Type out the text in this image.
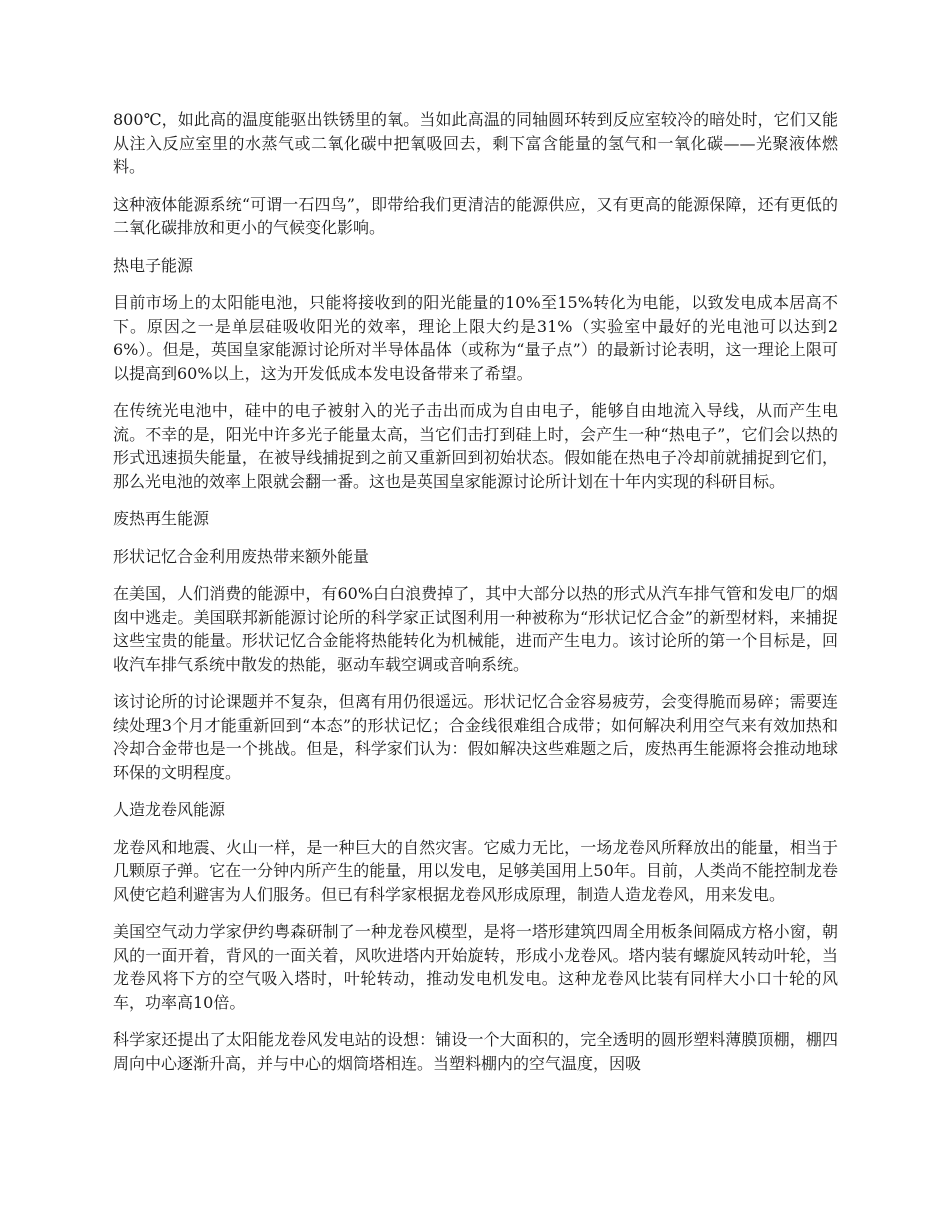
800℃，如此高的温度能驱出铁锈里的氧。当如此高温的同轴圆环转到反应室较冷的暗处时，它们又能从注入反应室里的水蒸气或二氧化碳中把氧吸回去，剩下富含能量的氢气和一氧化碳——光聚液体燃料。

这种液体能源系统“可谓一石四鸟”，即带给我们更清洁的能源供应，又有更高的能源保障，还有更低的二氧化碳排放和更小的气候变化影响。

热电子能源

目前市场上的太阳能电池，只能将接收到的阳光能量的10%至15%转化为电能，以致发电成本居高不下。原因之一是单层硅吸收阳光的效率，理论上限大约是31%（实验室中最好的光电池可以达到26%）。但是，英国皇家能源讨论所对半导体晶体（或称为“量子点”）的最新讨论表明，这一理论上限可以提高到60%以上，这为开发低成本发电设备带来了希望。

在传统光电池中，硅中的电子被射入的光子击出而成为自由电子，能够自由地流入导线，从而产生电流。不幸的是，阳光中许多光子能量太高，当它们击打到硅上时，会产生一种“热电子”，它们会以热的形式迅速损失能量，在被导线捕捉到之前又重新回到初始状态。假如能在热电子冷却前就捕捉到它们，那么光电池的效率上限就会翻一番。这也是英国皇家能源讨论所计划在十年内实现的科研目标。

废热再生能源

形状记忆合金利用废热带来额外能量

在美国，人们消费的能源中，有60%白白浪费掉了，其中大部分以热的形式从汽车排气管和发电厂的烟囱中逃走。美国联邦新能源讨论所的科学家正试图利用一种被称为“形状记忆合金”的新型材料，来捕捉这些宝贵的能量。形状记忆合金能将热能转化为机械能，进而产生电力。该讨论所的第一个目标是，回收汽车排气系统中散发的热能，驱动车载空调或音响系统。

该讨论所的讨论课题并不复杂，但离有用仍很遥远。形状记忆合金容易疲劳，会变得脆而易碎；需要连续处理3个月才能重新回到“本态”的形状记忆；合金线很难组合成带；如何解决利用空气来有效加热和冷却合金带也是一个挑战。但是，科学家们认为：假如解决这些难题之后，废热再生能源将会推动地球环保的文明程度。

人造龙卷风能源

龙卷风和地震、火山一样，是一种巨大的自然灾害。它威力无比，一场龙卷风所释放出的能量，相当于几颗原子弹。它在一分钟内所产生的能量，用以发电，足够美国用上50年。目前，人类尚不能控制龙卷风使它趋利避害为人们服务。但已有科学家根据龙卷风形成原理，制造人造龙卷风，用来发电。

美国空气动力学家伊约粤森研制了一种龙卷风模型，是将一塔形建筑四周全用板条间隔成方格小窗，朝风的一面开着，背风的一面关着，风吹进塔内开始旋转，形成小龙卷风。塔内装有螺旋风转动叶轮，当龙卷风将下方的空气吸入塔时，叶轮转动，推动发电机发电。这种龙卷风比装有同样大小口十轮的风车，功率高10倍。

科学家还提出了太阳能龙卷风发电站的设想：铺设一个大面积的，完全透明的圆形塑料薄膜顶棚，棚四周向中心逐渐升高，并与中心的烟筒塔相连。当塑料棚内的空气温度，因吸
